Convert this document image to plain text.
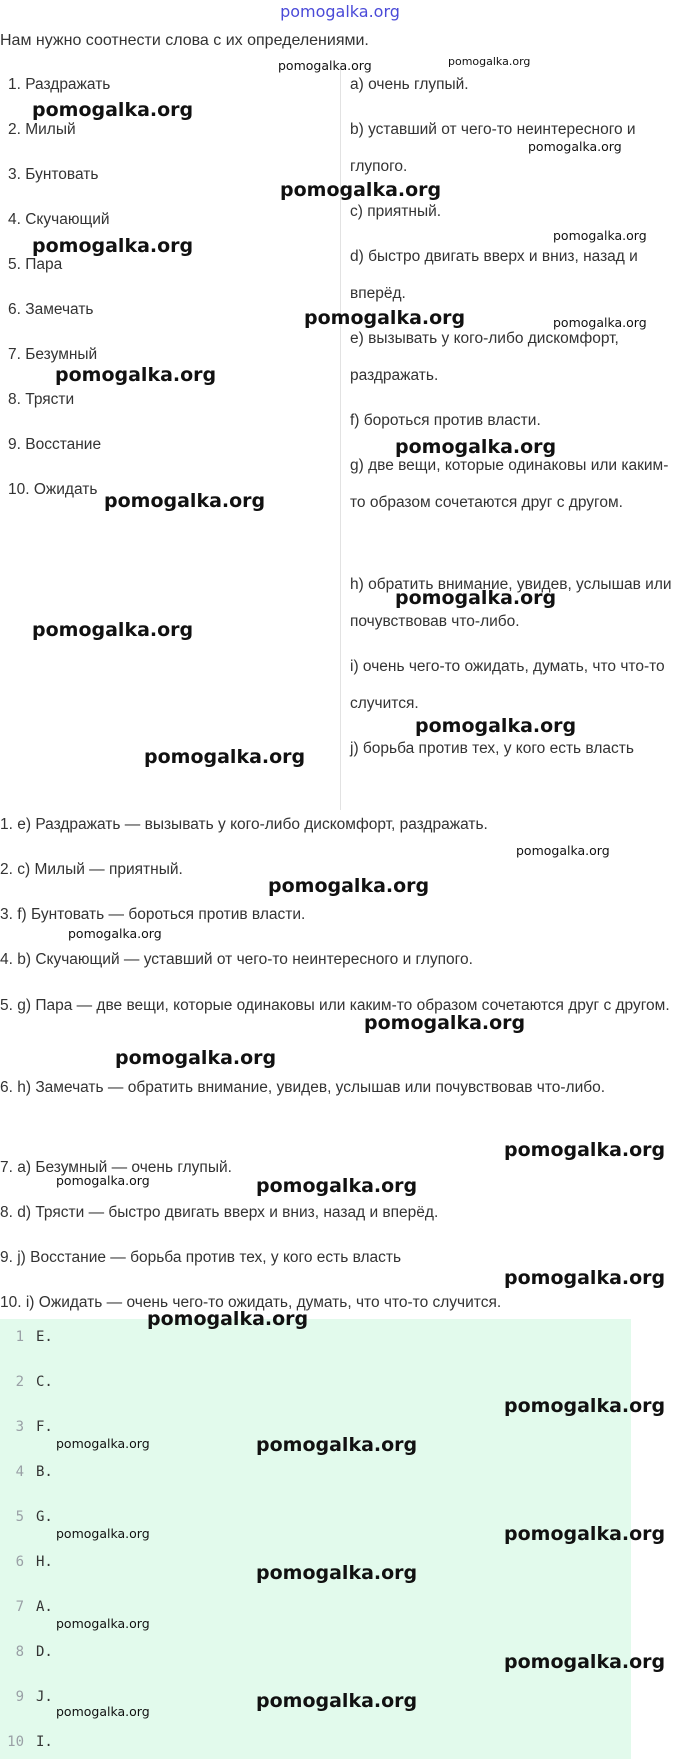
pomogalka.org
Нам нужно соотнести слова с их определениями.
1. Раздражать
2. Милый
3. Бунтовать
4. Скучающий
5. Пара
6. Замечать
7. Безумный
8. Трясти
9. Восстание
10. Ожидать
a) очень глупый.
b) уставший от чего-то неинтересного и глупого.
c) приятный.
d) быстро двигать вверх и вниз, назад и вперёд.
e) вызывать у кого-либо дискомфорт, раздражать.
f) бороться против власти.
g) две вещи, которые одинаковы или каким-то образом сочетаются друг с другом.
h) обратить внимание, увидев, услышав или почувствовав что-либо.
i) очень чего-то ожидать, думать, что что-то случится.
j) борьба против тех, у кого есть власть
1. e) Раздражать — вызывать у кого-либо дискомфорт, раздражать.
2. c) Милый — приятный.
3. f) Бунтовать — бороться против власти.
4. b) Скучающий — уставший от чего-то неинтересного и глупого.
5. g) Пара — две вещи, которые одинаковы или каким-то образом сочетаются друг с другом.
6. h) Замечать — обратить внимание, увидев, услышав или почувствовав что-либо.
7. a) Безумный — очень глупый.
8. d) Трясти — быстро двигать вверх и вниз, назад и вперёд.
9. j) Восстание — борьба против тех, у кого есть власть
10. i) Ожидать — очень чего-то ожидать, думать, что что-то случится.
1 E.
2 C.
3 F.
4 B.
5 G.
6 H.
7 A.
8 D.
9 J.
10 I.
pomogalka.org	pomogalka.org
pomogalka.org
pomogalka.org
pomogalka.org
pomogalka.org
pomogalka.org
pomogalka.org	pomogalka.org
pomogalka.org
pomogalka.org
pomogalka.org
pomogalka.org
pomogalka.org
pomogalka.org
pomogalka.org
pomogalka.org
pomogalka.org
pomogalka.org
pomogalka.org
pomogalka.org
pomogalka.org
pomogalka.org	pomogalka.org
pomogalka.org
pomogalka.org
pomogalka.org
pomogalka.org	pomogalka.org
pomogalka.org
pomogalka.org
pomogalka.org
pomogalka.org
pomogalka.org
pomogalka.org	pomogalka.org
